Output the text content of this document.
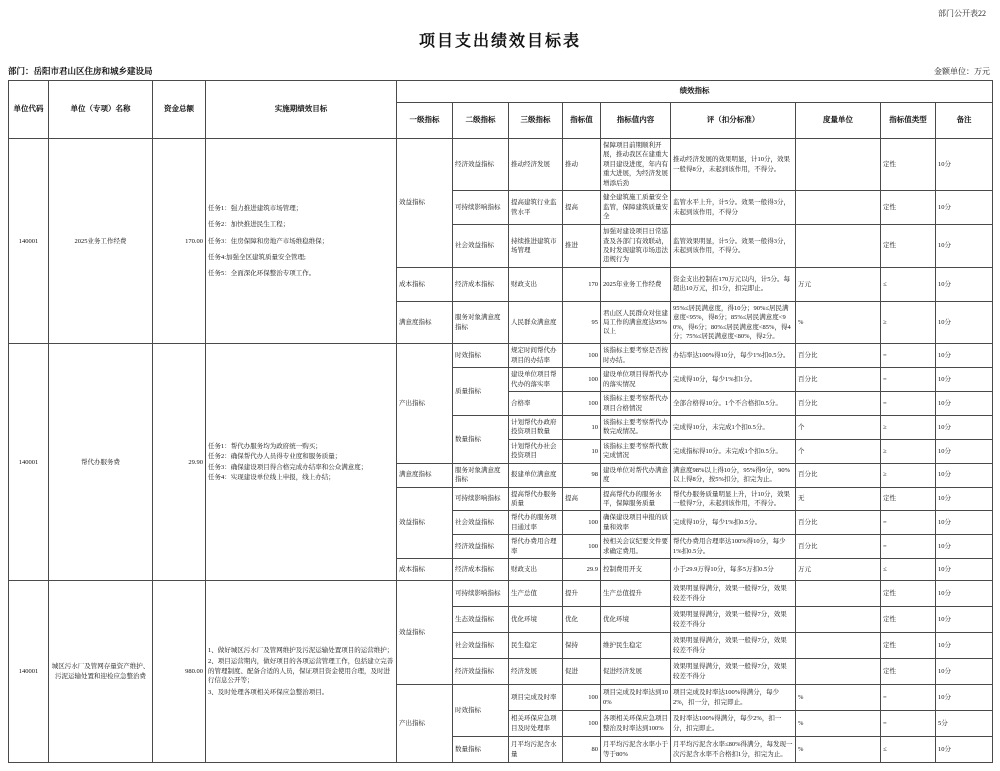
部门公开表22
项目支出绩效目标表
部门：岳阳市君山区住房和城乡建设局	金额单位：万元
单位代码	单位（专项）名称	资金总额	实施期绩效目标	绩效指标								
				一级指标	二级指标	三级指标	指标值	指标值内容	评（扣分标准）	度量单位	指标值类型	备注
140001	2025业务工作经费	170.00	任务1：强力推进建筑市场管理；
任务2：加快推进民生工程；
任务3：住房保障和房地产市场维稳维保；
任务4:加强全区建筑质量安全管理;
任务5：全面深化环保整治专项工作。	效益指标	经济效益指标	推动经济发展	推动	保障项目前期顺利开展，推动我区在建重大项目建设进度，年内有重大进展，为经济发展增添后劲	推动经济发展的效果明显，计10分，效果一般得8分，未起到该作用，不得分。		定性	10分
					可持续影响指标	提高建筑行业监管水平	提高	健全建筑施工质量安全监管，保障建筑质量安全	监管水平上升，计5分。效果一般得3分，未起到该作用，不得分		定性	10分
					社会效益指标	持续推进建筑市场管理	推进	加强对建设项目日常巡查及各部门有效联动，及时发现建筑市场违法违规行为	监管效果明显，计5分。效果一般得3分，未起到该作用，不得分。		定性	10分
				成本指标	经济成本指标	财政支出	170	2025年业务工作经费	资金支出控制在170万元以内，计5分。每超出10万元，扣1分，扣完即止。	万元	≤	10分
				满意度指标	服务对象满意度指标	人民群众满意度	95	君山区人民群众对住建局工作的满意度达95%以上	95%≤居民满意度，得10分；90%≤居民满意度<95%，得8分；85%≤居民满意度<90%，得6分；80%≤居民满意度<85%，得4分；75%≤居民满意度<80%，得2分。	%	≥	10分
140001	帮代办服务费	29.90	任务1：帮代办服务均为政府统一购买；
任务2：确保帮代办人员得专业度和服务质量；
任务3：确保建设项目得合格完成办结率和公众满意度；
任务4：实现建设单位线上申报，线上办结；	产出指标	时效指标	规定时间帮代办项目的办结率	100	该指标主要考察是否按时办结。	办结率达100%得10分，每少1%扣0.5分。	百分比	=	10分
					质量指标	建设单位项目帮代办的落实率	100	建设单位项目得帮代办的落实情况	完成得10分，每少1%扣1分。	百分比	=	10分
						合格率	100	该指标主要考察帮代办项目合格情况	全部合格得10分。1个不合格扣0.5分。	百分比	=	10分
					数量指标	计划帮代办政府投资项目数量	10	该指标主要考察帮代办数完成情况。	完成得10分，未完成1个扣0.5分。	个	≥	10分
						计划帮代办社会投资项目	10	该指标主要考察帮代数完成情况	完成指标得10分。未完成1个扣0.5分。	个	≥	10分
				满意度指标	服务对象满意度指标	报建单位满意度	98	建设单位对帮代办满意度	满意度98%以上得10分，95%得9分，90%以上得8分，按5%扣分，扣完为止。	百分比	≥	10分
				效益指标	可持续影响指标	提高帮代办服务质量	提高	提高帮代办的服务水平，保障服务质量	帮代办服务质量明显上升，计10分，效果一般得7分，未起到该作用，不得分。	无	定性	10分
					社会效益指标	帮代办的服务项目通过率	100	确保建设项目申报的质量和效率	完成得10分，每少1%扣0.5分。	百分比	=	10分
					经济效益指标	帮代办费用合理率	100	按相关会议纪要文件要求确定费用。	帮代办费用合理率达100%得10分，每少1%扣0.5分。	百分比	=	10分
				成本指标	经济成本指标	财政支出	29.9	控制费用开支	小于29.9万得10分，每多5万扣0.5分	万元	≤	10分
140001	城区污水厂及管网存量资产维护、污泥运输处置和迎检应急整治费	980.00	1、做好城区污水厂及管网维护及污泥运输处置项目的运营维护；
2、项目运营期内，做好项目的各项运营管理工作，包括建立完善的管理制度、配备合适的人员，保证项目资金使用合理，及时进行信息公开等；
3、及时处理各项相关环保应急整治项目。	效益指标	可持续影响指标	生产总值	提升	生产总值提升	效果明显得满分，效果一般得7分，效果较差不得分		定性	10分
					生态效益指标	优化环境	优化	优化环境	效果明显得满分，效果一般得7分，效果较差不得分		定性	10分
					社会效益指标	民生稳定	保持	维护民生稳定	效果明显得满分，效果一般得7分，效果较差不得分		定性	10分
					经济效益指标	经济发展	促进	促进经济发展	效果明显得满分，效果一般得7分，效果较差不得分		定性	10分
				产出指标	时效指标	项目完成及时率	100	项目完成及时率达到100%	项目完成及时率达100%得满分，每少2%，扣一分，扣完即止。	%	=	10分
						相关环保应急项目及时处理率	100	各项相关环保应急项目整治及时率达到100%	及时率达100%得满分，每少2%，扣一分，扣完即止。	%	=	5分
					数量指标	月平均污泥含水量	80	月平均污泥含水率小于等于80%	月平均污泥含水率≤80%得满分，每发现一次污泥含水率不合格扣1分，扣完为止。	%	≤	10分
